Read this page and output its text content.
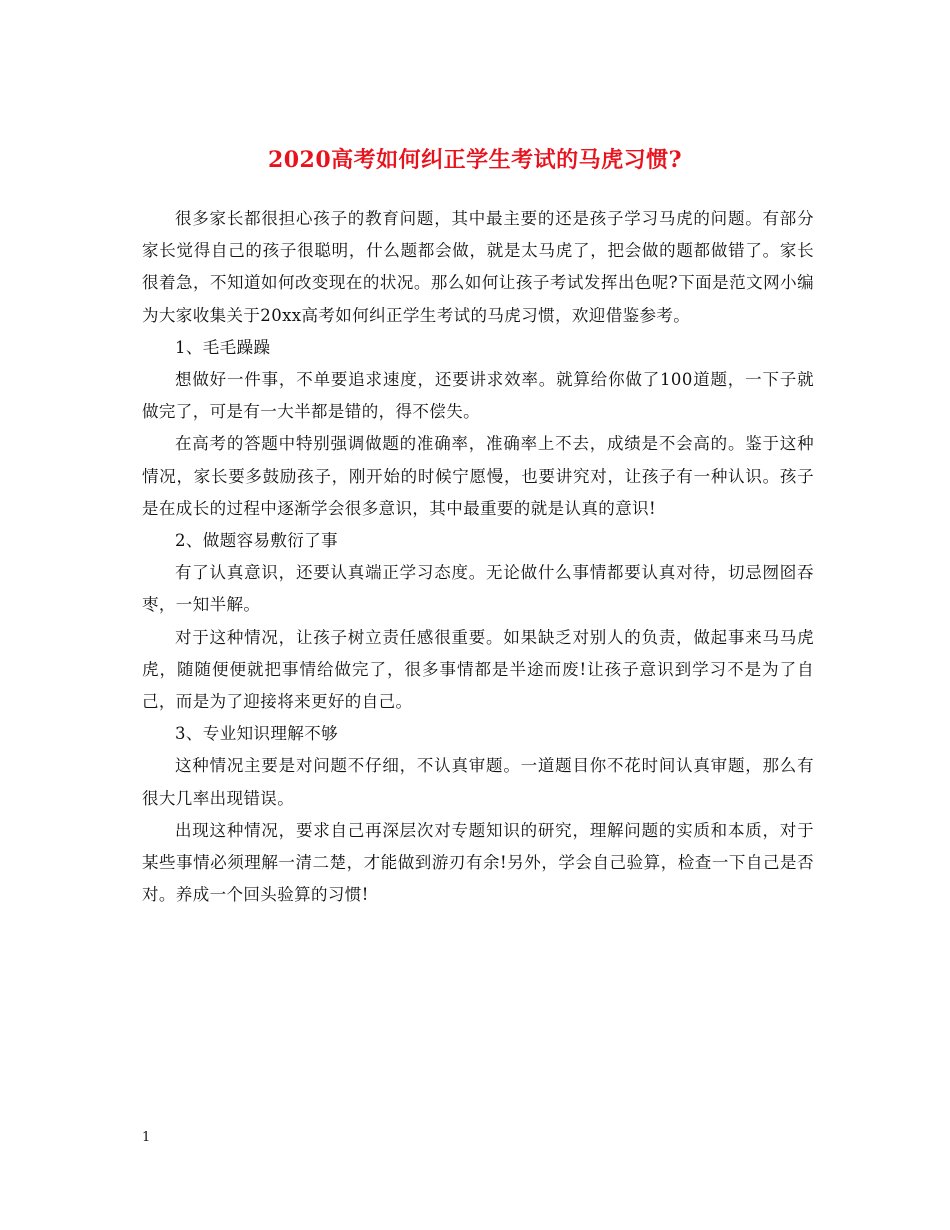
2020高考如何纠正学生考试的马虎习惯?

很多家长都很担心孩子的教育问题，其中最主要的还是孩子学习马虎的问题。有部分家长觉得自己的孩子很聪明，什么题都会做，就是太马虎了，把会做的题都做错了。家长很着急，不知道如何改变现在的状况。那么如何让孩子考试发挥出色呢?下面是范文网小编为大家收集关于20xx高考如何纠正学生考试的马虎习惯，欢迎借鉴参考。

1、毛毛躁躁

想做好一件事，不单要追求速度，还要讲求效率。就算给你做了100道题，一下子就做完了，可是有一大半都是错的，得不偿失。

在高考的答题中特别强调做题的准确率，准确率上不去，成绩是不会高的。鉴于这种情况，家长要多鼓励孩子，刚开始的时候宁愿慢，也要讲究对，让孩子有一种认识。孩子是在成长的过程中逐渐学会很多意识，其中最重要的就是认真的意识!

2、做题容易敷衍了事

有了认真意识，还要认真端正学习态度。无论做什么事情都要认真对待，切忌囫囵吞枣，一知半解。

对于这种情况，让孩子树立责任感很重要。如果缺乏对别人的负责，做起事来马马虎虎，随随便便就把事情给做完了，很多事情都是半途而废!让孩子意识到学习不是为了自己，而是为了迎接将来更好的自己。

3、专业知识理解不够

这种情况主要是对问题不仔细，不认真审题。一道题目你不花时间认真审题，那么有很大几率出现错误。

出现这种情况，要求自己再深层次对专题知识的研究，理解问题的实质和本质，对于某些事情必须理解一清二楚，才能做到游刃有余!另外，学会自己验算，检查一下自己是否对。养成一个回头验算的习惯!

1
